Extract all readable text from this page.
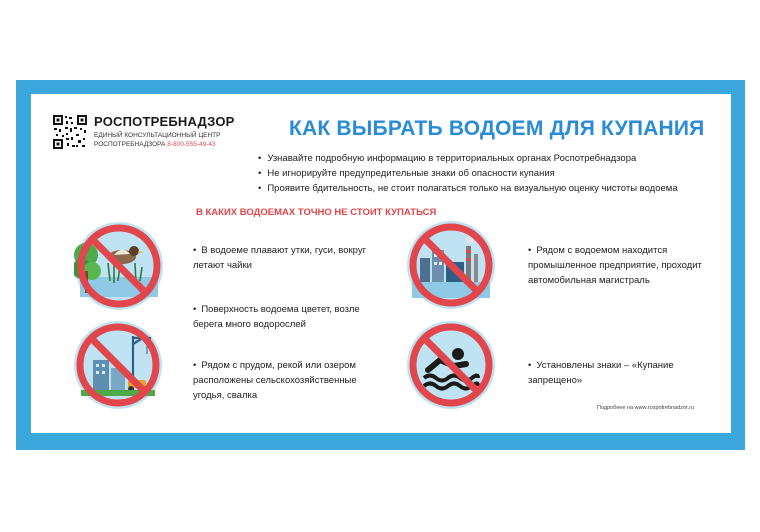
РОСПОТРЕБНАДЗОР
ЕДИНЫЙ КОНСУЛЬТАЦИОННЫЙ ЦЕНТР
РОСПОТРЕБНАДЗОРА 8-800-555-49-43
КАК ВЫБРАТЬ ВОДОЕМ ДЛЯ КУПАНИЯ
• Узнавайте подробную информацию в территориальных органах Роспотребнадзора
• Не игнорируйте предупредительные знаки об опасности купания
• Проявите бдительность, не стоит полагаться только на визуальную оценку чистоты водоема
В КАКИХ ВОДОЕМАХ ТОЧНО НЕ СТОИТ КУПАТЬСЯ
• В водоеме плавают утки, гуси, вокруг
летают чайки
• Поверхность водоема цветет, возле
берега много водорослей
• Рядом с прудом, рекой или озером
расположены сельскохозяйственные
угодья, свалка
• Рядом с водоемом находится
промышленное предприятие, проходит
автомобильная магистраль
• Установлены знаки – «Купание
запрещено»
Подробнее на www.rospotrebnadzor.ru
